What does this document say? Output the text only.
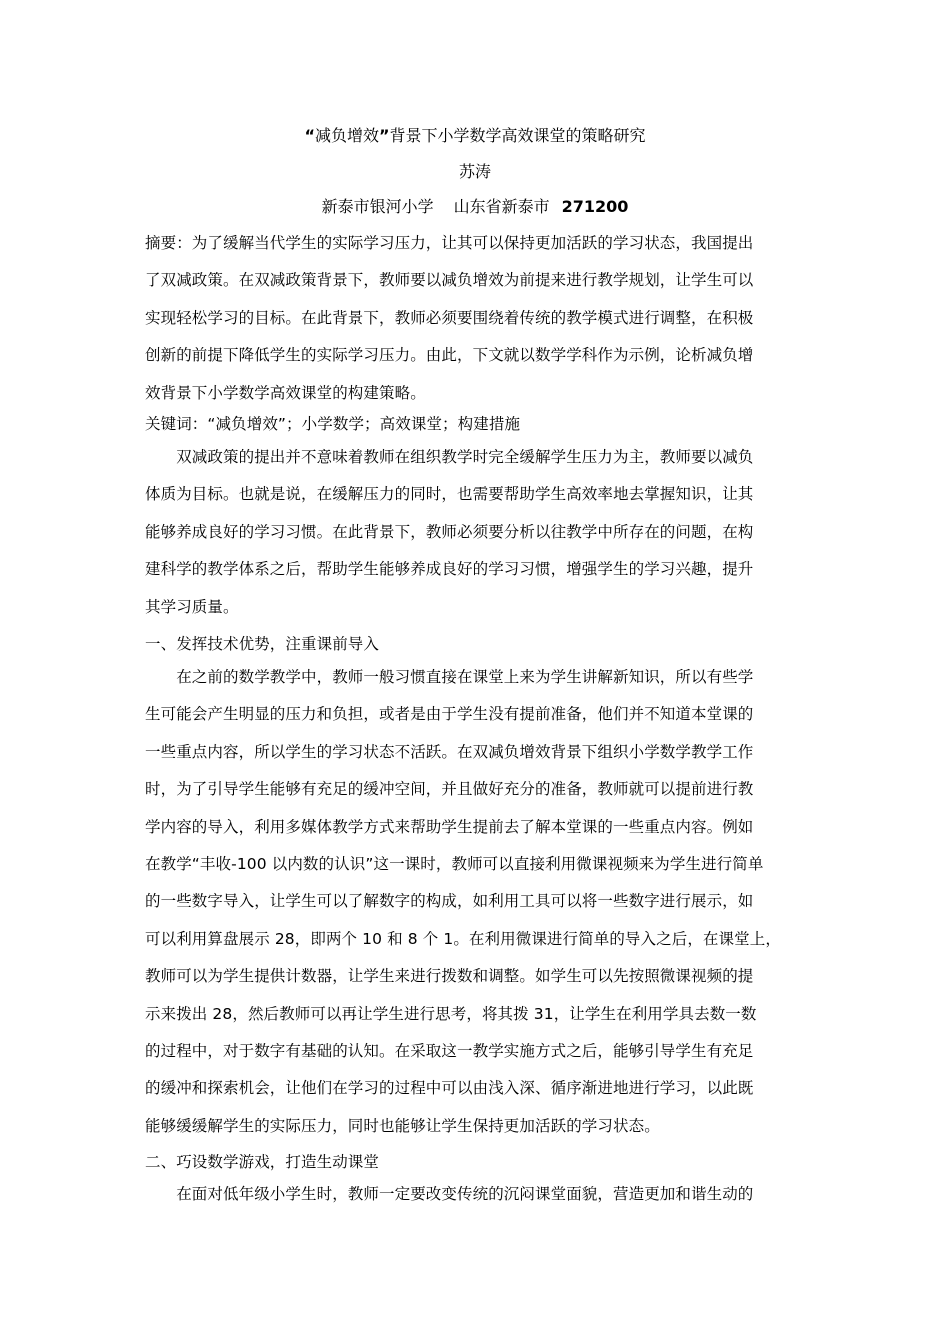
“减负增效”背景下小学数学高效课堂的策略研究
苏涛
新泰市银河小学 山东省新泰市 271200

摘要：为了缓解当代学生的实际学习压力，让其可以保持更加活跃的学习状态，我国提出
了双减政策。在双减政策背景下，教师要以减负增效为前提来进行教学规划，让学生可以
实现轻松学习的目标。在此背景下，教师必须要围绕着传统的教学模式进行调整，在积极
创新的前提下降低学生的实际学习压力。由此，下文就以数学学科作为示例，论析减负增
效背景下小学数学高效课堂的构建策略。

关键词：“减负增效”；小学数学；高效课堂；构建措施

　　双减政策的提出并不意味着教师在组织教学时完全缓解学生压力为主，教师要以减负
体质为目标。也就是说，在缓解压力的同时，也需要帮助学生高效率地去掌握知识，让其
能够养成良好的学习习惯。在此背景下，教师必须要分析以往教学中所存在的问题，在构
建科学的教学体系之后，帮助学生能够养成良好的学习习惯，增强学生的学习兴趣，提升
其学习质量。

一、发挥技术优势，注重课前导入

　　在之前的数学教学中，教师一般习惯直接在课堂上来为学生讲解新知识，所以有些学
生可能会产生明显的压力和负担，或者是由于学生没有提前准备，他们并不知道本堂课的
一些重点内容，所以学生的学习状态不活跃。在双减负增效背景下组织小学数学教学工作
时，为了引导学生能够有充足的缓冲空间，并且做好充分的准备，教师就可以提前进行教
学内容的导入，利用多媒体教学方式来帮助学生提前去了解本堂课的一些重点内容。例如
在教学“丰收-100 以内数的认识”这一课时，教师可以直接利用微课视频来为学生进行简单
的一些数字导入，让学生可以了解数字的构成，如利用工具可以将一些数字进行展示，如
可以利用算盘展示 28，即两个 10 和 8 个 1。在利用微课进行简单的导入之后，在课堂上，
教师可以为学生提供计数器，让学生来进行拨数和调整。如学生可以先按照微课视频的提
示来拨出 28，然后教师可以再让学生进行思考，将其拨 31，让学生在利用学具去数一数
的过程中，对于数字有基础的认知。在采取这一教学实施方式之后，能够引导学生有充足
的缓冲和探索机会，让他们在学习的过程中可以由浅入深、循序渐进地进行学习，以此既
能够缓缓解学生的实际压力，同时也能够让学生保持更加活跃的学习状态。

二、巧设数学游戏，打造生动课堂

　　在面对低年级小学生时，教师一定要改变传统的沉闷课堂面貌，营造更加和谐生动的
